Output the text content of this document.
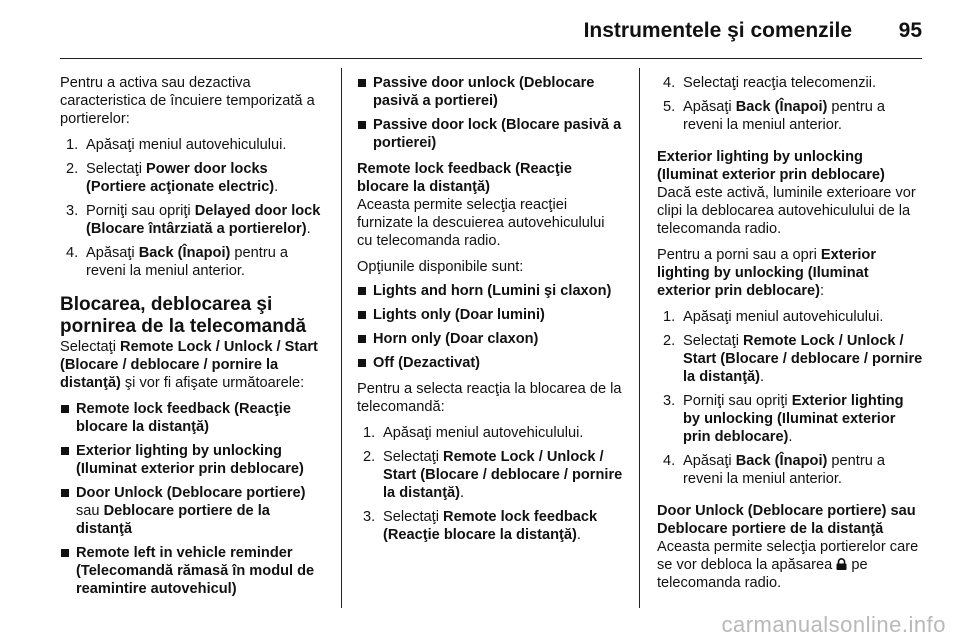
Instrumentele şi comenzile 95

Pentru a activa sau dezactiva caracteristica de încuiere temporizată a portierelor:

1. Apăsaţi meniul autovehiculului.
2. Selectaţi Power door locks (Portiere acţionate electric).
3. Porniţi sau opriţi Delayed door lock (Blocare întârziată a portierelor).
4. Apăsaţi Back (Înapoi) pentru a reveni la meniul anterior.
Blocarea, deblocarea şi pornirea de la telecomandă

Selectaţi Remote Lock / Unlock / Start (Blocare / deblocare / pornire la distanţă) şi vor fi afişate următoarele:

Remote lock feedback (Reacţie blocare la distanţă)
Exterior lighting by unlocking (Iluminat exterior prin deblocare)
Door Unlock (Deblocare portiere) sau Deblocare portiere de la distanţă
Remote left in vehicle reminder (Telecomandă rămasă în modul de reamintire autovehicul)
Passive door unlock (Deblocare pasivă a portierei)
Passive door lock (Blocare pasivă a portierei)

Remote lock feedback (Reacţie blocare la distanţă)

Aceasta permite selecţia reacţiei furnizate la descuierea autovehiculului cu telecomanda radio.

Opţiunile disponibile sunt:

Lights and horn (Lumini şi claxon)
Lights only (Doar lumini)
Horn only (Doar claxon)
Off (Dezactivat)

Pentru a selecta reacţia la blocarea de la telecomandă:

1. Apăsaţi meniul autovehiculului.
2. Selectaţi Remote Lock / Unlock / Start (Blocare / deblocare / pornire la distanţă).
3. Selectaţi Remote lock feedback (Reacţie blocare la distanţă).
4. Selectaţi reacţia telecomenzii.
5. Apăsaţi Back (Înapoi) pentru a reveni la meniul anterior.

Exterior lighting by unlocking (Iluminat exterior prin deblocare)

Dacă este activă, luminile exterioare vor clipi la deblocarea autovehiculului de la telecomanda radio.

Pentru a porni sau a opri Exterior lighting by unlocking (Iluminat exterior prin deblocare):

1. Apăsaţi meniul autovehiculului.
2. Selectaţi Remote Lock / Unlock / Start (Blocare / deblocare / pornire la distanţă).
3. Porniţi sau opriţi Exterior lighting by unlocking (Iluminat exterior prin deblocare).
4. Apăsaţi Back (Înapoi) pentru a reveni la meniul anterior.

Door Unlock (Deblocare portiere) sau Deblocare portiere de la distanţă

Aceasta permite selecţia portierelor care se vor debloca la apăsarea  pe telecomanda radio.

carmanualsonline.info
